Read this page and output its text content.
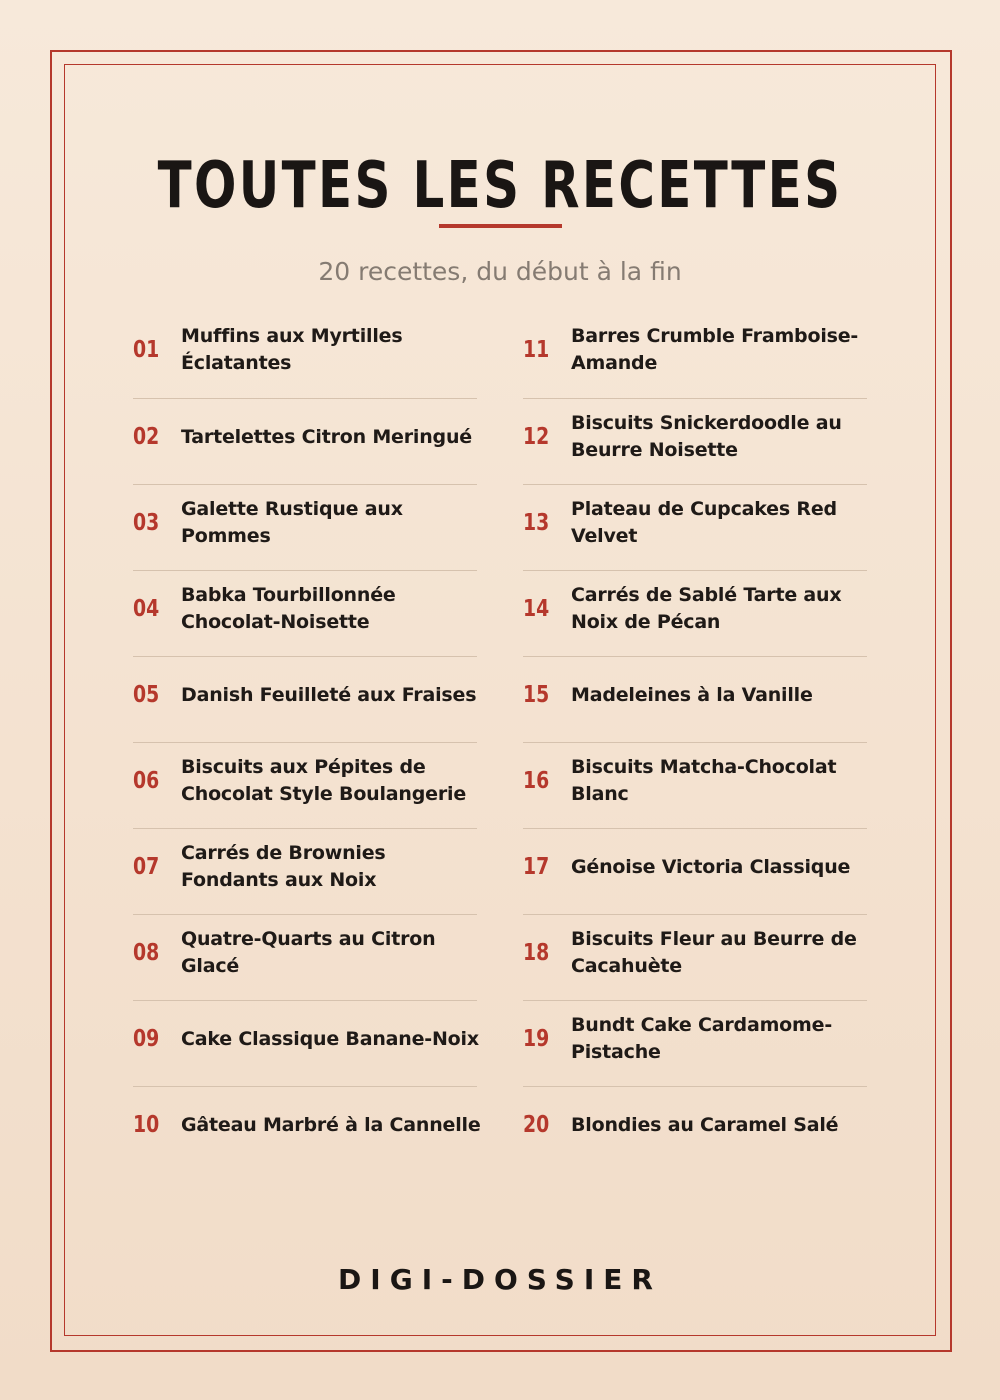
TOUTES LES RECETTES
20 recettes, du début à la fin
01
Muffins aux Myrtilles Éclatantes
02 Tartelettes Citron Meringué
03
Galette Rustique aux Pommes
04
Babka Tourbillonnée Chocolat-Noisette
05 Danish Feuilleté aux Fraises
06
Biscuits aux Pépites de Chocolat Style Boulangerie
07
Carrés de Brownies Fondants aux Noix
08
Quatre-Quarts au Citron Glacé
09 Cake Classique Banane-Noix
10 Gâteau Marbré à la Cannelle
11
Barres Crumble Framboise-Amande
12
Biscuits Snickerdoodle au Beurre Noisette
13
Plateau de Cupcakes Red Velvet
14
Carrés de Sablé Tarte aux Noix de Pécan
15 Madeleines à la Vanille
16
Biscuits Matcha-Chocolat Blanc
17 Génoise Victoria Classique
18
Biscuits Fleur au Beurre de Cacahuète
19
Bundt Cake Cardamome-Pistache
20 Blondies au Caramel Salé
DIGI-DOSSIER
